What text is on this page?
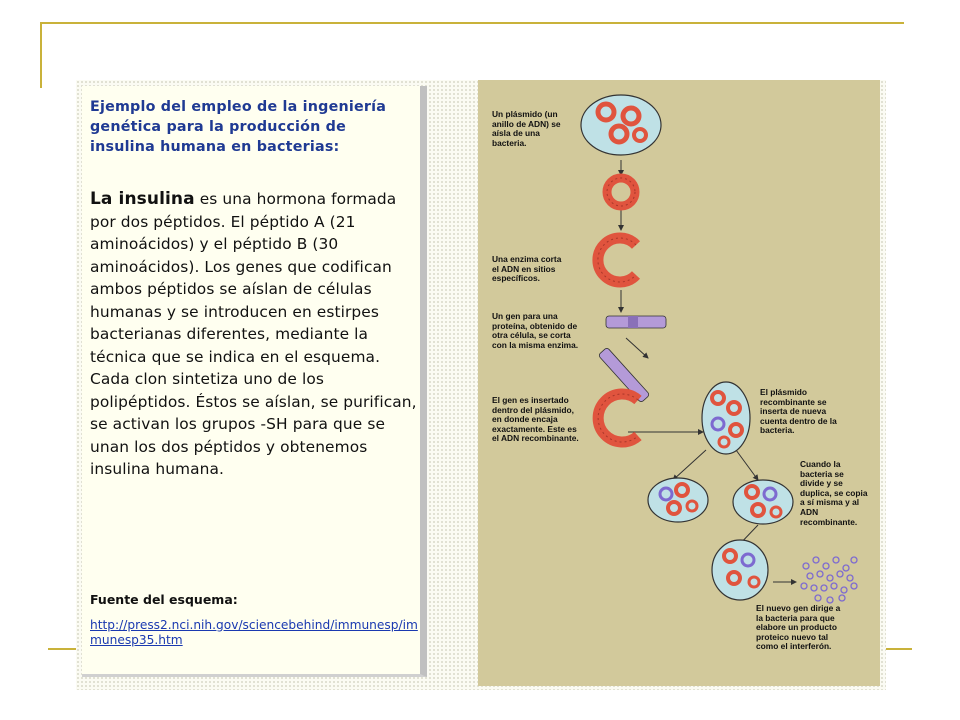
Ejemplo del empleo de la ingeniería genética para la producción de insulina humana en bacterias:
La insulina es una hormona formada por dos péptidos. El péptido A (21 aminoácidos) y el péptido B (30 aminoácidos). Los genes que codifican ambos péptidos se aíslan de células humanas y se introducen en estirpes bacterianas diferentes, mediante la técnica que se indica en el esquema. Cada clon sintetiza uno de los polipéptidos. Éstos se aíslan, se purifican, se activan los grupos -SH para que se unan los dos péptidos y obtenemos insulina humana.
Fuente del esquema:
http://press2.nci.nih.gov/sciencebehind/immunesp/immunesp35.htm
Un plásmido (un anillo de ADN) se aísla de una bacteria.
Una enzima corta el ADN en sitios específicos.
Un gen para una proteína, obtenido de otra célula, se corta con la misma enzima.
El gen es insertado dentro del plásmido, en donde encaja exactamente. Este es el ADN recombinante.
El plásmido recombinante se inserta de nueva cuenta dentro de la bacteria.
Cuando la bacteria se divide y se duplica, se copia a sí misma y al ADN recombinante.
El nuevo gen dirige a la bacteria para que elabore un producto proteico nuevo tal como el interferón.
